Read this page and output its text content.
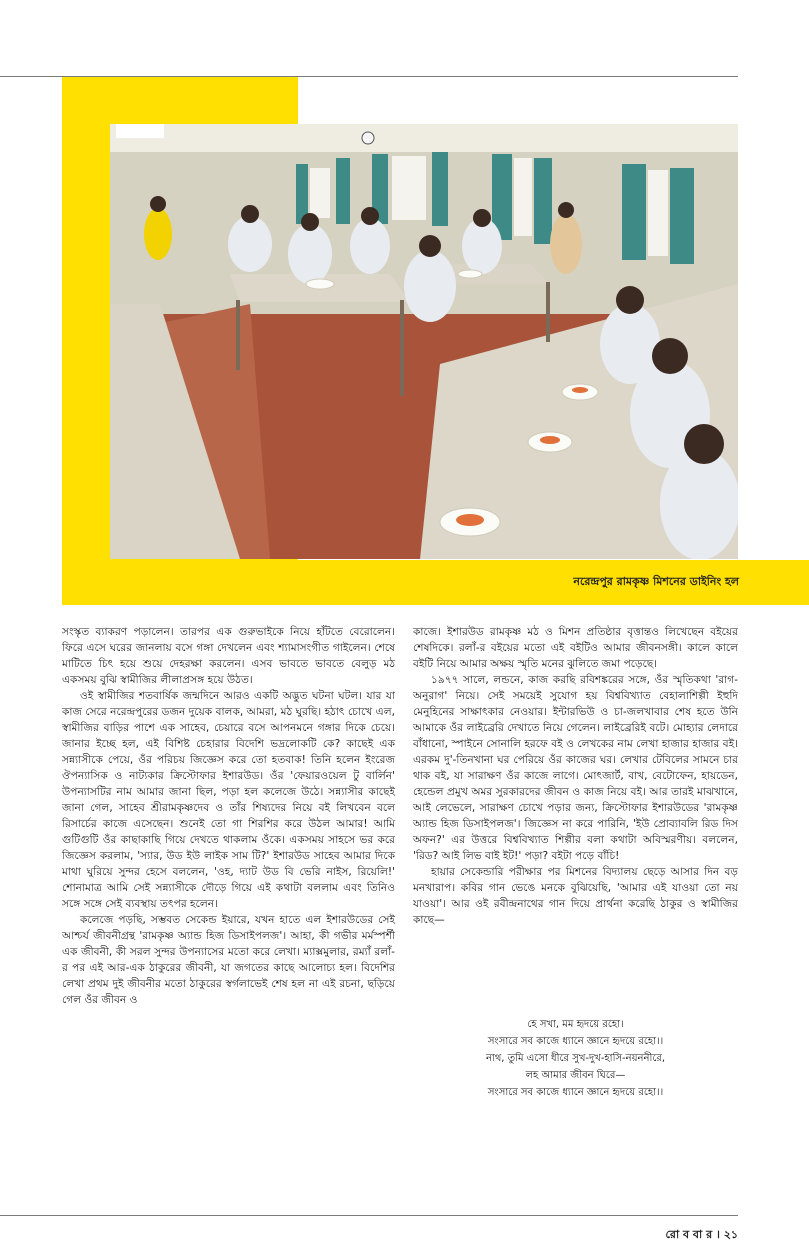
নরেন্দ্রপুর রামকৃষ্ণ মিশনের ডাইনিং হল

সংস্কৃত ব্যাকরণ পড়ালেন। তারপর এক গুরুভাইকে নিয়ে হাঁটতে বেরোলেন। ফিরে এসে ঘরের জানলায় বসে গঙ্গা দেখলেন এবং শ্যামাসংগীত গাইলেন। শেষে মাটিতে চিৎ হয়ে শুয়ে দেহরক্ষা করলেন। এসব ভাবতে ভাবতে বেলুড় মঠ একসময় বুঝি স্বামীজির লীলাপ্রসঙ্গ হয়ে উঠত।

ওই স্বামীজির শতবার্ষিক জন্মদিনে আরও একটি অদ্ভুত ঘটনা ঘটল। যার যা কাজ সেরে নরেন্দ্রপুরের ডজন দুয়েক বালক, আমরা, মঠ ঘুরছি। হঠাৎ চোখে এল, স্বামীজির বাড়ির পাশে এক সাহেব, চেয়ারে বসে আপনমনে গঙ্গার দিকে চেয়ে। জানার ইচ্ছে হল, এই বিশিষ্ট চেহারার বিদেশি ভদ্রলোকটি কে? কাছেই এক সন্ন্যাসীকে পেয়ে, ওঁর পরিচয় জিজ্ঞেস করে তো হতবাক! তিনি হলেন ইংরেজ ঔপন্যাসিক ও নাট্যকার ক্রিস্টোফার ইশারউড। ওঁর 'ফেয়ারওয়েল টু বার্লিন' উপন্যাসটির নাম আমার জানা ছিল, পড়া হল কলেজে উঠে। সন্ন্যাসীর কাছেই জানা গেল, সাহেব শ্রীরামকৃষ্ণদেব ও তাঁর শিষ্যদের নিয়ে বই লিখবেন বলে রিসার্চের কাজে এসেছেন। শুনেই তো গা শিরশির করে উঠল আমার! আমি গুটিগুটি ওঁর কাছাকাছি গিয়ে দেখতে থাকলাম ওঁকে। একসময় সাহসে ভর করে জিজ্ঞেস করলাম, 'স্যার, উড ইউ লাইক সাম টি?' ইশারউড সাহেব আমার দিকে মাথা ঘুরিয়ে সুন্দর হেসে বললেন, 'ওহ, দ্যাট উড বি ভেরি নাইস, রিয়েলি!' শোনামাত্র আমি সেই সন্ন্যাসীকে দৌড়ে গিয়ে এই কথাটা বললাম এবং তিনিও সঙ্গে সঙ্গে সেই ব্যবস্থায় তৎপর হলেন।

কলেজে পড়ছি, সম্ভবত সেকেন্ড ইয়ারে, যখন হাতে এল ইশারউডের সেই আশ্চর্য জীবনীগ্রন্থ 'রামকৃষ্ণ অ্যান্ড হিজ ডিসাইপলজ'। আহা, কী গভীর মর্মস্পর্শী এক জীবনী, কী সরল সুন্দর উপন্যাসের মতো করে লেখা। ম্যাক্সমুলার, রম্যাঁ রলাঁ-র পর এই আর-এক ঠাকুরের জীবনী, যা জগতের কাছে আলোচ্য হল। বিদেশির লেখা প্রথম দুই জীবনীর মতো ঠাকুরের স্বর্গলাভেই শেষ হল না এই রচনা, ছড়িয়ে গেল ওঁর জীবন ও

কাজে। ইশারউড রামকৃষ্ণ মঠ ও মিশন প্রতিষ্ঠার বৃত্তান্তও লিখেছেন বইয়ের শেষদিকে। রলাঁ-র বইয়ের মতো এই বইটিও আমার জীবনসঙ্গী। কালে কালে বইটি নিয়ে আমার অক্ষয় স্মৃতি মনের ঝুলিতে জমা পড়েছে।

১৯৭৭ সালে, লন্ডনে, কাজ করছি রবিশঙ্করের সঙ্গে, ওঁর স্মৃতিকথা 'রাগ-অনুরাগ' নিয়ে। সেই সময়েই সুযোগ হয় বিশ্ববিখ্যাত বেহালাশিল্পী ইহুদি মেনুহিনের সাক্ষাৎকার নেওয়ার। ইন্টারভিউ ও চা-জলখাবার শেষ হতে উনি আমাকে ওঁর লাইব্রেরি দেখাতে নিয়ে গেলেন। লাইব্রেরিই বটে। মোহ্যার লেদারে বাঁধানো, স্পাইনে সোনালি হরফে বই ও লেখকের নাম লেখা হাজার হাজার বই। এরকম দু'-তিনখানা ঘর পেরিয়ে ওঁর কাজের ঘর। লেখার টেবিলের সামনে চার থাক বই, যা সারাক্ষণ ওঁর কাজে লাগে। মোৎজার্ট, বাখ, বেটোফেন, হায়ডেন, হেন্ডেল প্রমুখ অমর সুরকারদের জীবন ও কাজ নিয়ে বই। আর তারই মাঝখানে, আই লেভেলে, সারাক্ষণ চোখে পড়ার জন্য, ক্রিস্টোফার ইশারউডের 'রামকৃষ্ণ অ্যান্ড হিজ ডিসাইপলজ'। জিজ্ঞেস না করে পারিনি, 'ইউ প্রোব্যাবলি রিড দিস অফন?' এর উত্তরে বিশ্ববিখ্যাত শিল্পীর বলা কথাটা অবিস্মরণীয়। বললেন, 'রিড? আই লিভ বাই ইট!' পড়া? বইটা পড়ে বাঁচি!

হায়ার সেকেন্ডারি পরীক্ষার পর মিশনের বিদ্যালয় ছেড়ে আসার দিন বড় মনখারাপ। কবির গান ভেঙে মনকে বুঝিয়েছি, 'আমার এই যাওয়া তো নয় যাওয়া'। আর ওই রবীন্দ্রনাথের গান দিয়ে প্রার্থনা করেছি ঠাকুর ও স্বামীজির কাছে—

হে সখা, মম হৃদয়ে রহো।
সংসারে সব কাজে ধ্যানে জ্ঞানে হৃদয়ে রহো।।
নাথ, তুমি এসো ধীরে সুখ-দুখ-হাসি-নয়ননীরে,
লহ আমার জীবন ঘিরে—
সংসারে সব কাজে ধ্যানে জ্ঞানে হৃদয়ে রহো।।
রো ব বা র । ২১
